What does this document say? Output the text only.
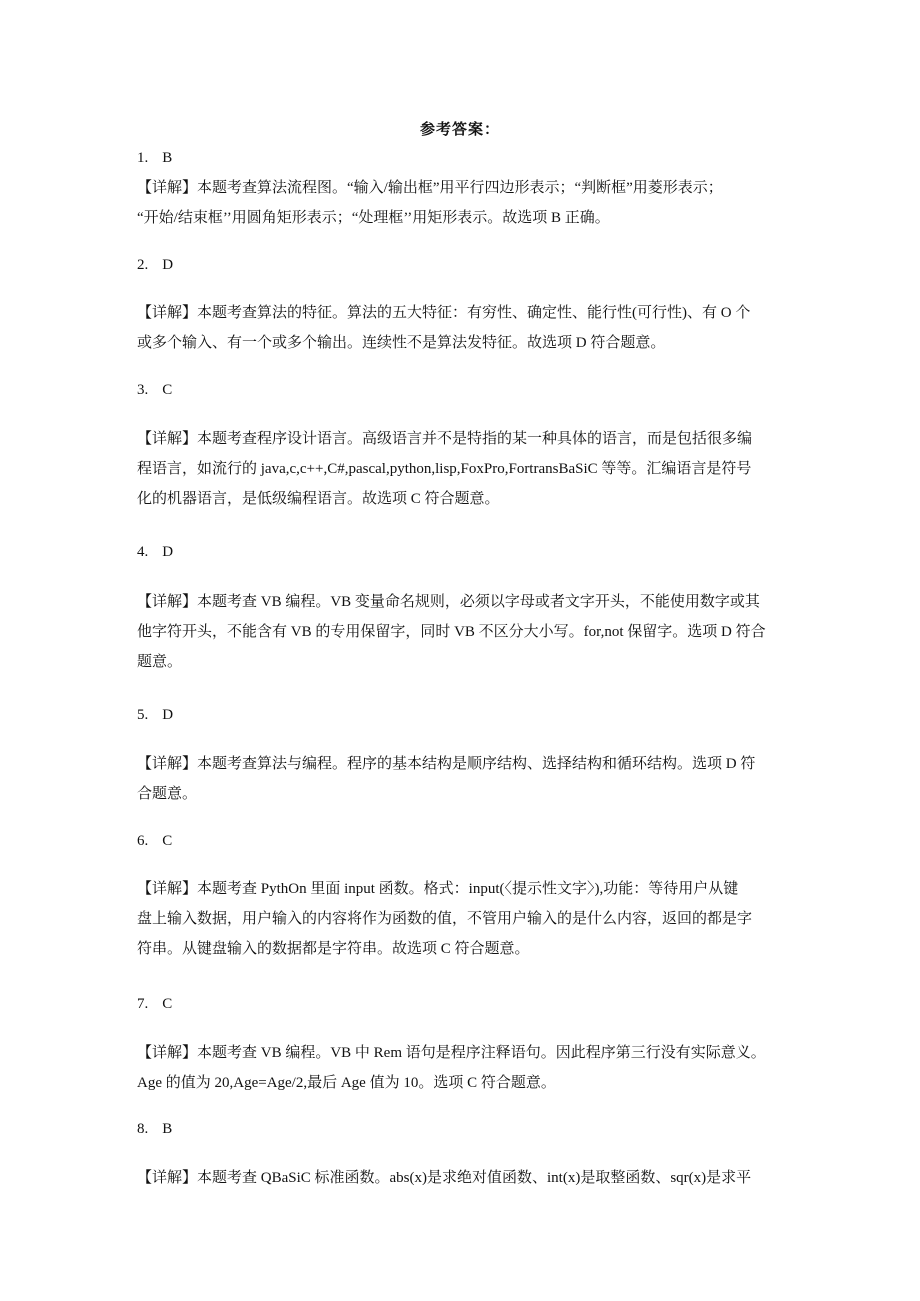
参考答案：
1. B
【详解】本题考查算法流程图。“输入/输出框”用平行四边形表示；“判断框”用菱形表示；
“开始/结束框’’用圆角矩形表示；“处理框’’用矩形表示。故选项 B 正确。
2. D
【详解】本题考查算法的特征。算法的五大特征：有穷性、确定性、能行性(可行性)、有 O 个
或多个输入、有一个或多个输出。连续性不是算法发特征。故选项 D 符合题意。
3. C
【详解】本题考查程序设计语言。高级语言并不是特指的某一种具体的语言，而是包括很多编
程语言，如流行的 java,c,c++,C#,pascal,python,lisp,FoxPro,FortransBaSiC 等等。汇编语言是符号
化的机器语言，是低级编程语言。故选项 C 符合题意。
4. D
【详解】本题考查 VB 编程。VB 变量命名规则，必须以字母或者文字开头，不能使用数字或其
他字符开头，不能含有 VB 的专用保留字，同时 VB 不区分大小写。for,not 保留字。选项 D 符合
题意。
5. D
【详解】本题考查算法与编程。程序的基本结构是顺序结构、选择结构和循环结构。选项 D 符
合题意。
6. C
【详解】本题考查 PythOn 里面 input 函数。格式：input(〈提示性文字〉),功能：等待用户从键
盘上输入数据，用户输入的内容将作为函数的值，不管用户输入的是什么内容，返回的都是字
符串。从键盘输入的数据都是字符串。故选项 C 符合题意。
7. C
【详解】本题考查 VB 编程。VB 中 Rem 语句是程序注释语句。因此程序第三行没有实际意义。
Age 的值为 20,Age=Age/2,最后 Age 值为 10。选项 C 符合题意。
8. B
【详解】本题考查 QBaSiC 标准函数。abs(x)是求绝对值函数、int(x)是取整函数、sqr(x)是求平
